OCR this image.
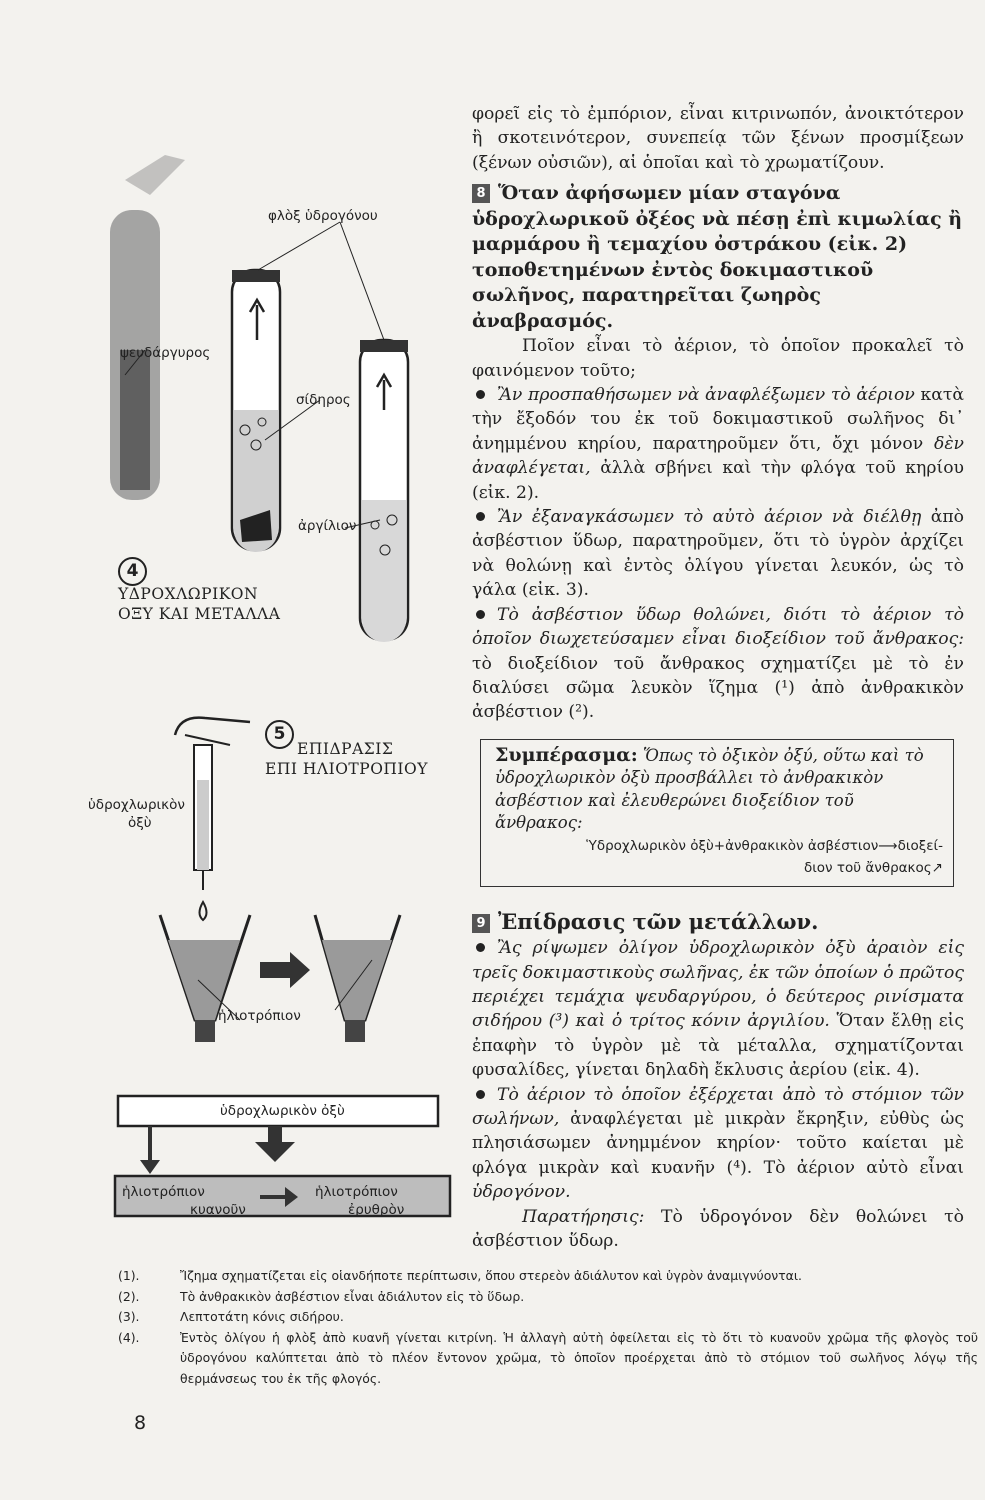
φλὸξ ὑδρογόνου
ψευδάργυρος
σίδηρος
ἀργίλιον
4
ΥΔΡΟΧΛΩΡΙΚΟΝ
ΟΞΥ ΚΑΙ ΜΕΤΑΛΛΑ
5
ΕΠΙΔΡΑΣΙΣ
ΕΠΙ ΗΛΙΟΤΡΟΠΙΟΥ
ὑδροχλωρικὸν
ὀξὺ
ἡλιοτρόπιον
ὑδροχλωρικὸν ὀξὺ
ἡλιοτρόπιον
κυανοῦν
ἡλιοτρόπιον
ἐρυθρὸν

φορεῖ εἰς τὸ ἐμπόριον, εἶναι κιτρινωπόν, ἀνοικτότερον ἢ σκοτεινότερον, συνεπείᾳ τῶν ξένων προσμίξεων (ξένων οὐσιῶν), αἱ ὁποῖαι καὶ τὸ χρωματίζουν.

8 Ὅταν ἀφήσωμεν μίαν σταγόνα ὑδροχλωρικοῦ ὀξέος νὰ πέσῃ ἐπὶ κιμωλίας ἢ μαρμάρου ἢ τεμαχίου ὀστράκου (εἰκ. 2) τοποθετημένων ἐντὸς δοκιμαστικοῦ σωλῆνος, παρατηρεῖται ζωηρὸς ἀναβρασμός.

Ποῖον εἶναι τὸ ἀέριον, τὸ ὁποῖον προκαλεῖ τὸ φαινόμενον τοῦτο;

Ἂν προσπαθήσωμεν νὰ ἀναφλέξωμεν τὸ ἀέριον κατὰ τὴν ἔξοδόν του ἐκ τοῦ δοκιμαστικοῦ σωλῆνος δι᾽ ἀνημμένου κηρίου, παρατηροῦμεν ὅτι, ὄχι μόνον δὲν ἀναφλέγεται, ἀλλὰ σβήνει καὶ τὴν φλόγα τοῦ κηρίου (εἰκ. 2).

Ἂν ἐξαναγκάσωμεν τὸ αὐτὸ ἀέριον νὰ διέλθῃ ἀπὸ ἀσβέστιον ὕδωρ, παρατηροῦμεν, ὅτι τὸ ὑγρὸν ἀρχίζει νὰ θολώνῃ καὶ ἐντὸς ὀλίγου γίνεται λευκόν, ὡς τὸ γάλα (εἰκ. 3).

Τὸ ἀσβέστιον ὕδωρ θολώνει, διότι τὸ ἀέριον τὸ ὁποῖον διωχετεύσαμεν εἶναι διοξείδιον τοῦ ἄνθρακος: τὸ διοξείδιον τοῦ ἄνθρακος σχηματίζει μὲ τὸ ἐν διαλύσει σῶμα λευκὸν ἵζημα (¹) ἀπὸ ἀνθρακικὸν ἀσβέστιον (²).

Συμπέρασμα: Ὅπως τὸ ὀξικὸν ὀξύ, οὕτω καὶ τὸ ὑδροχλωρικὸν ὀξὺ προσβάλλει τὸ ἀνθρακικὸν ἀσβέστιον καὶ ἐλευθερώνει διοξείδιον τοῦ ἄνθρακος:
Ὑδροχλωρικὸν ὀξὺ+ἀνθρακικὸν ἀσβέστιον⟶διοξεί-
διον τοῦ ἄνθρακος↗

9 Ἐπίδρασις τῶν μετάλλων.

Ἂς ρίψωμεν ὀλίγον ὑδροχλωρικὸν ὀξὺ ἀραιὸν εἰς τρεῖς δοκιμαστικοὺς σωλῆνας, ἐκ τῶν ὁποίων ὁ πρῶτος περιέχει τεμάχια ψευδαργύρου, ὁ δεύτερος ρινίσματα σιδήρου (³) καὶ ὁ τρίτος κόνιν ἀργιλίου. Ὅταν ἔλθῃ εἰς ἐπαφὴν τὸ ὑγρὸν μὲ τὰ μέταλλα, σχηματίζονται φυσαλίδες, γίνεται δηλαδὴ ἔκλυσις ἀερίου (εἰκ. 4).

Τὸ ἀέριον τὸ ὁποῖον ἐξέρχεται ἀπὸ τὸ στόμιον τῶν σωλήνων, ἀναφλέγεται μὲ μικρὰν ἔκρηξιν, εὐθὺς ὡς πλησιάσωμεν ἀνημμένον κηρίον· τοῦτο καίεται μὲ φλόγα μικρὰν καὶ κυανῆν (⁴). Τὸ ἀέριον αὐτὸ εἶναι ὑδρογόνον.

Παρατήρησις: Τὸ ὑδρογόνον δὲν θολώνει τὸ ἀσβέστιον ὕδωρ.

(1).	Ἴζημα σχηματίζεται εἰς οἱανδήποτε περίπτωσιν, ὅπου στερεὸν ἀδιάλυτον καὶ ὑγρὸν ἀναμιγνύονται.
(2).	Τὸ ἀνθρακικὸν ἀσβέστιον εἶναι ἀδιάλυτον εἰς τὸ ὕδωρ.
(3).	Λεπτοτάτη κόνις σιδήρου.
(4).	Ἐντὸς ὀλίγου ἡ φλὸξ ἀπὸ κυανῆ γίνεται κιτρίνη. Ἡ ἀλλαγὴ αὐτὴ ὀφείλεται εἰς τὸ ὅτι τὸ κυανοῦν χρῶμα τῆς φλογὸς τοῦ ὑδρογόνου καλύπτεται ἀπὸ τὸ πλέον ἔντονον χρῶμα, τὸ ὁποῖον προέρχεται ἀπὸ τὸ στόμιον τοῦ σωλῆνος λόγῳ τῆς θερμάνσεως του ἐκ τῆς φλογός.
8
